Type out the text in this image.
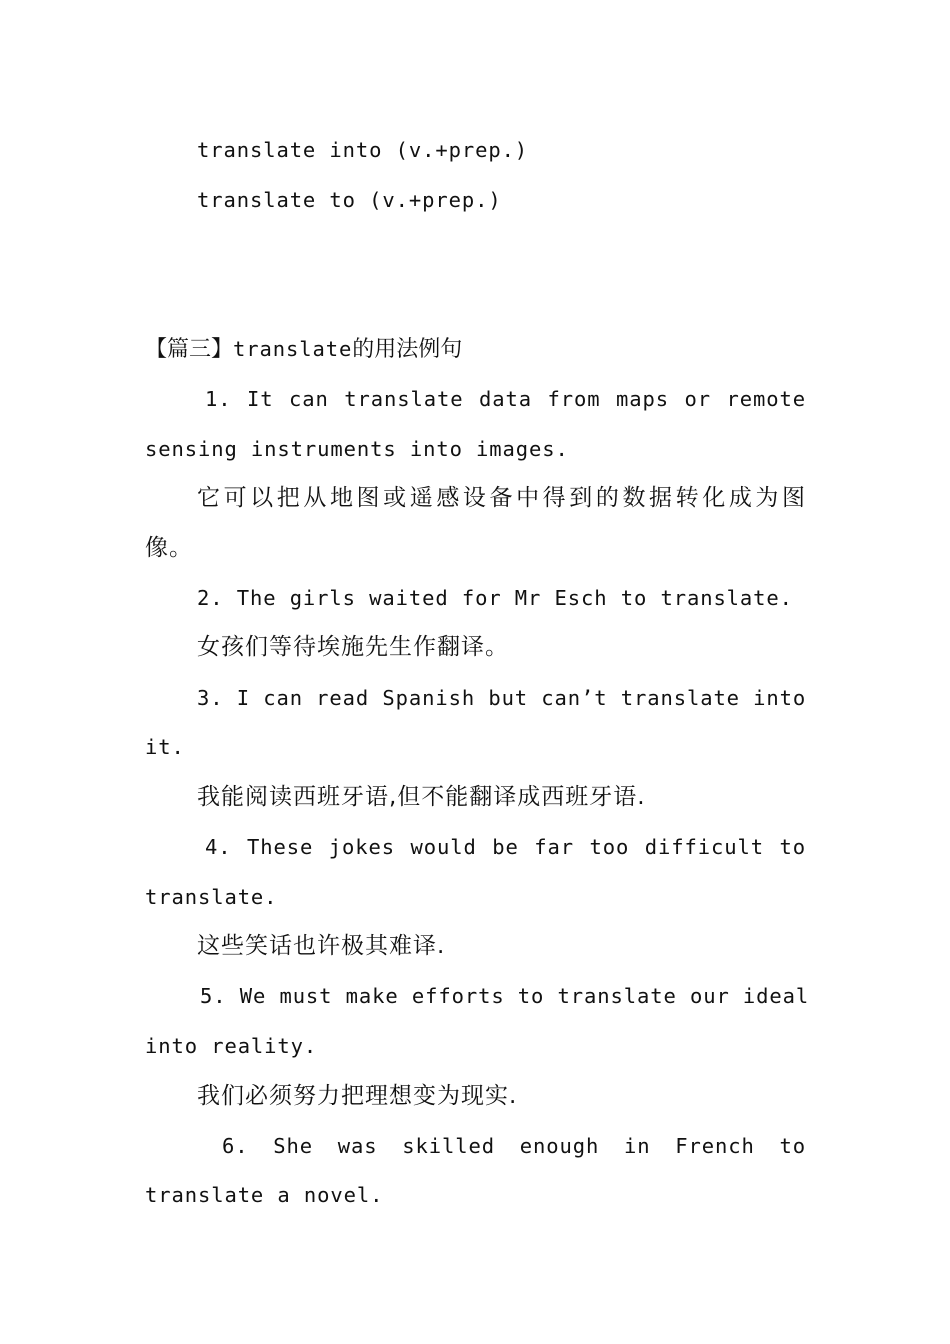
translate into (v.+prep.)
translate to (v.+prep.)
【篇三】translate的用法例句
1. It can translate data from maps or remote
sensing instruments into images.
它可以把从地图或遥感设备中得到的数据转化成为图
像。
2. The girls waited for Mr Esch to translate.
女孩们等待埃施先生作翻译。
3. I can read Spanish but can’t translate into
it.
我能阅读西班牙语,但不能翻译成西班牙语.
4. These jokes would be far too difficult to
translate.
这些笑话也许极其难译.
5. We must make efforts to translate our ideal
into reality.
我们必须努力把理想变为现实.
6. She was skilled enough in French to
translate a novel.
